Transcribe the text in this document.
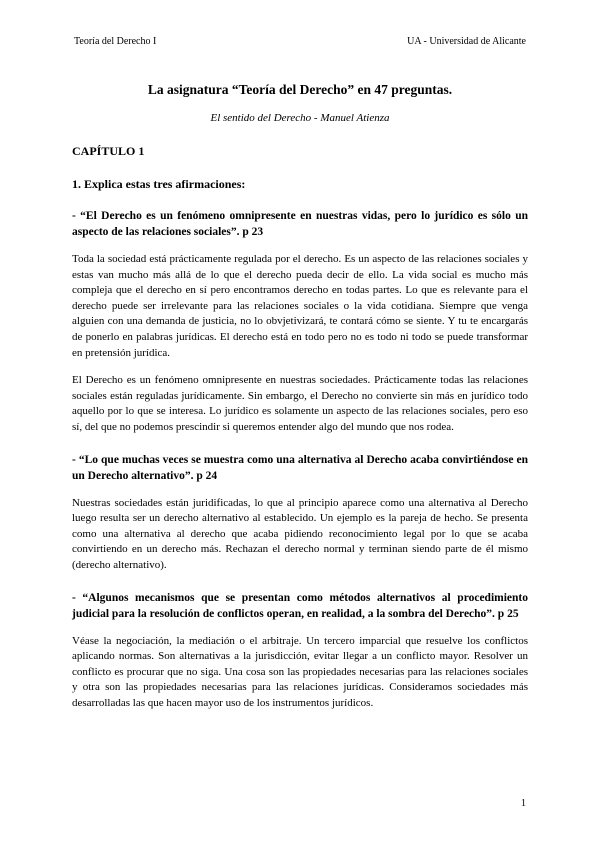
Teoría del Derecho I	UA - Universidad de Alicante

La asignatura “Teoría del Derecho” en 47 preguntas.

El sentido del Derecho - Manuel Atienza

CAPÍTULO 1

1. Explica estas tres afirmaciones:

- “El Derecho es un fenómeno omnipresente en nuestras vidas, pero lo jurídico es sólo un aspecto de las relaciones sociales”. p 23

Toda la sociedad está prácticamente regulada por el derecho. Es un aspecto de las relaciones sociales y estas van mucho más allá de lo que el derecho pueda decir de ello. La vida social es mucho más compleja que el derecho en sí pero encontramos derecho en todas partes. Lo que es relevante para el derecho puede ser irrelevante para las relaciones sociales o la vida cotidiana. Siempre que venga alguien con una demanda de justicia, no lo obvjetivizará, te contará cómo se siente. Y tu te encargarás de ponerlo en palabras jurídicas. El derecho está en todo pero no es todo ni todo se puede transformar en pretensión jurídica.

El Derecho es un fenómeno omnipresente en nuestras sociedades. Prácticamente todas las relaciones sociales están reguladas jurídicamente. Sin embargo, el Derecho no convierte sin más en jurídico todo aquello por lo que se interesa. Lo jurídico es solamente un aspecto de las relaciones sociales, pero eso sí, del que no podemos prescindir si queremos entender algo del mundo que nos rodea.

- “Lo que muchas veces se muestra como una alternativa al Derecho acaba convirtiéndose en un Derecho alternativo”. p 24

Nuestras sociedades están juridificadas, lo que al principio aparece como una alternativa al Derecho luego resulta ser un derecho alternativo al establecido. Un ejemplo es la pareja de hecho. Se presenta como una alternativa al derecho que acaba pidiendo reconocimiento legal por lo que se acaba convirtiendo en un derecho más. Rechazan el derecho normal y terminan siendo parte de él mismo (derecho alternativo).

- “Algunos mecanismos que se presentan como métodos alternativos al procedimiento judicial para la resolución de conflictos operan, en realidad, a la sombra del Derecho”. p 25

Véase la negociación, la mediación o el arbitraje. Un tercero imparcial que resuelve los conflictos aplicando normas. Son alternativas a la jurisdicción, evitar llegar a un conflicto mayor. Resolver un conflicto es procurar que no siga. Una cosa son las propiedades necesarias para las relaciones sociales y otra son las propiedades necesarias para las relaciones jurídicas. Consideramos sociedades más desarrolladas las que hacen mayor uso de los instrumentos jurídicos.

1
